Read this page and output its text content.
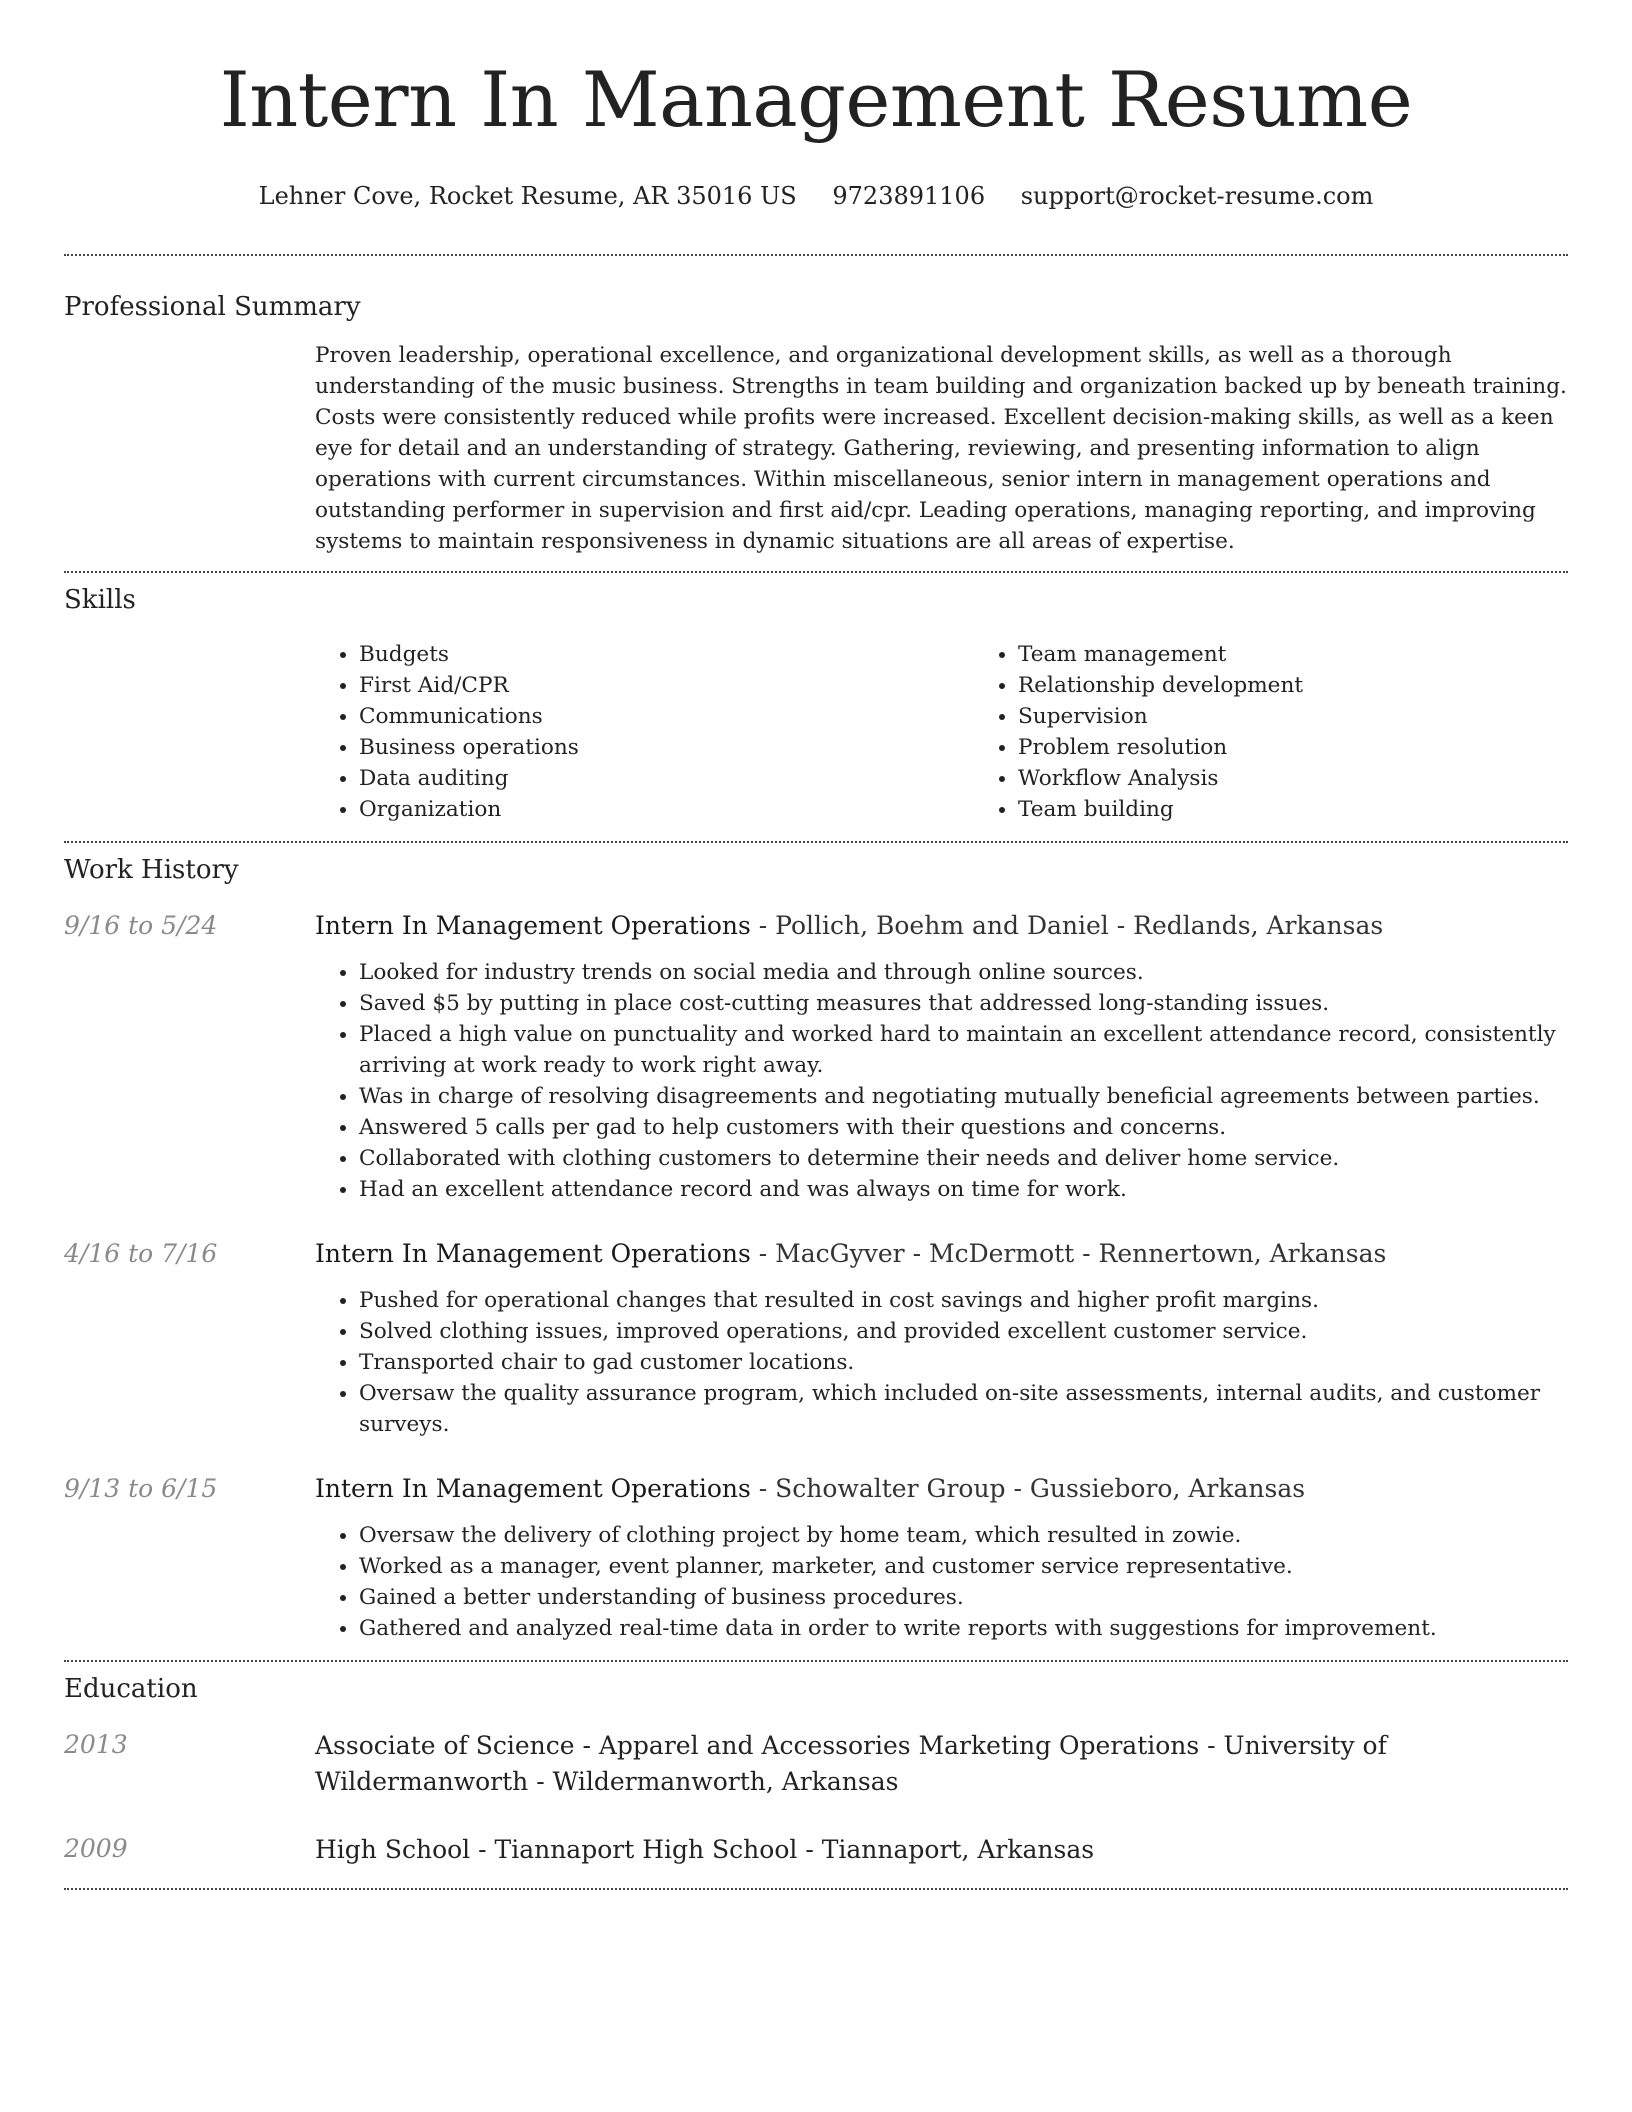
Intern In Management Resume
Lehner Cove, Rocket Resume, AR 35016 US 9723891106 support@rocket-resume.com
Professional Summary

Proven leadership, operational excellence, and organizational development skills, as well as a thorough understanding of the music business. Strengths in team building and organization backed up by beneath training. Costs were consistently reduced while profits were increased. Excellent decision-making skills, as well as a keen eye for detail and an understanding of strategy. Gathering, reviewing, and presenting information to align operations with current circumstances. Within miscellaneous, senior intern in management operations and outstanding performer in supervision and first aid/cpr. Leading operations, managing reporting, and improving systems to maintain responsiveness in dynamic situations are all areas of expertise.

Skills
• Budgets
• First Aid/CPR
• Communications
• Business operations
• Data auditing
• Organization
• Team management
• Relationship development
• Supervision
• Problem resolution
• Workflow Analysis
• Team building
Work History
9/16 to 5/24	Intern In Management Operations - Pollich, Boehm and Daniel - Redlands, Arkansas

• Looked for industry trends on social media and through online sources.
• Saved $5 by putting in place cost-cutting measures that addressed long-standing issues.
• Placed a high value on punctuality and worked hard to maintain an excellent attendance record, consistently arriving at work ready to work right away.
• Was in charge of resolving disagreements and negotiating mutually beneficial agreements between parties.
• Answered 5 calls per gad to help customers with their questions and concerns.
• Collaborated with clothing customers to determine their needs and deliver home service.
• Had an excellent attendance record and was always on time for work.
4/16 to 7/16	Intern In Management Operations - MacGyver - McDermott - Rennertown, Arkansas

• Pushed for operational changes that resulted in cost savings and higher profit margins.
• Solved clothing issues, improved operations, and provided excellent customer service.
• Transported chair to gad customer locations.
• Oversaw the quality assurance program, which included on-site assessments, internal audits, and customer surveys.
9/13 to 6/15	Intern In Management Operations - Schowalter Group - Gussieboro, Arkansas

• Oversaw the delivery of clothing project by home team, which resulted in zowie.
• Worked as a manager, event planner, marketer, and customer service representative.
• Gained a better understanding of business procedures.
• Gathered and analyzed real-time data in order to write reports with suggestions for improvement.
Education
2013	Associate of Science - Apparel and Accessories Marketing Operations - University of Wildermanworth - Wildermanworth, Arkansas

2009	High School - Tiannaport High School - Tiannaport, Arkansas
